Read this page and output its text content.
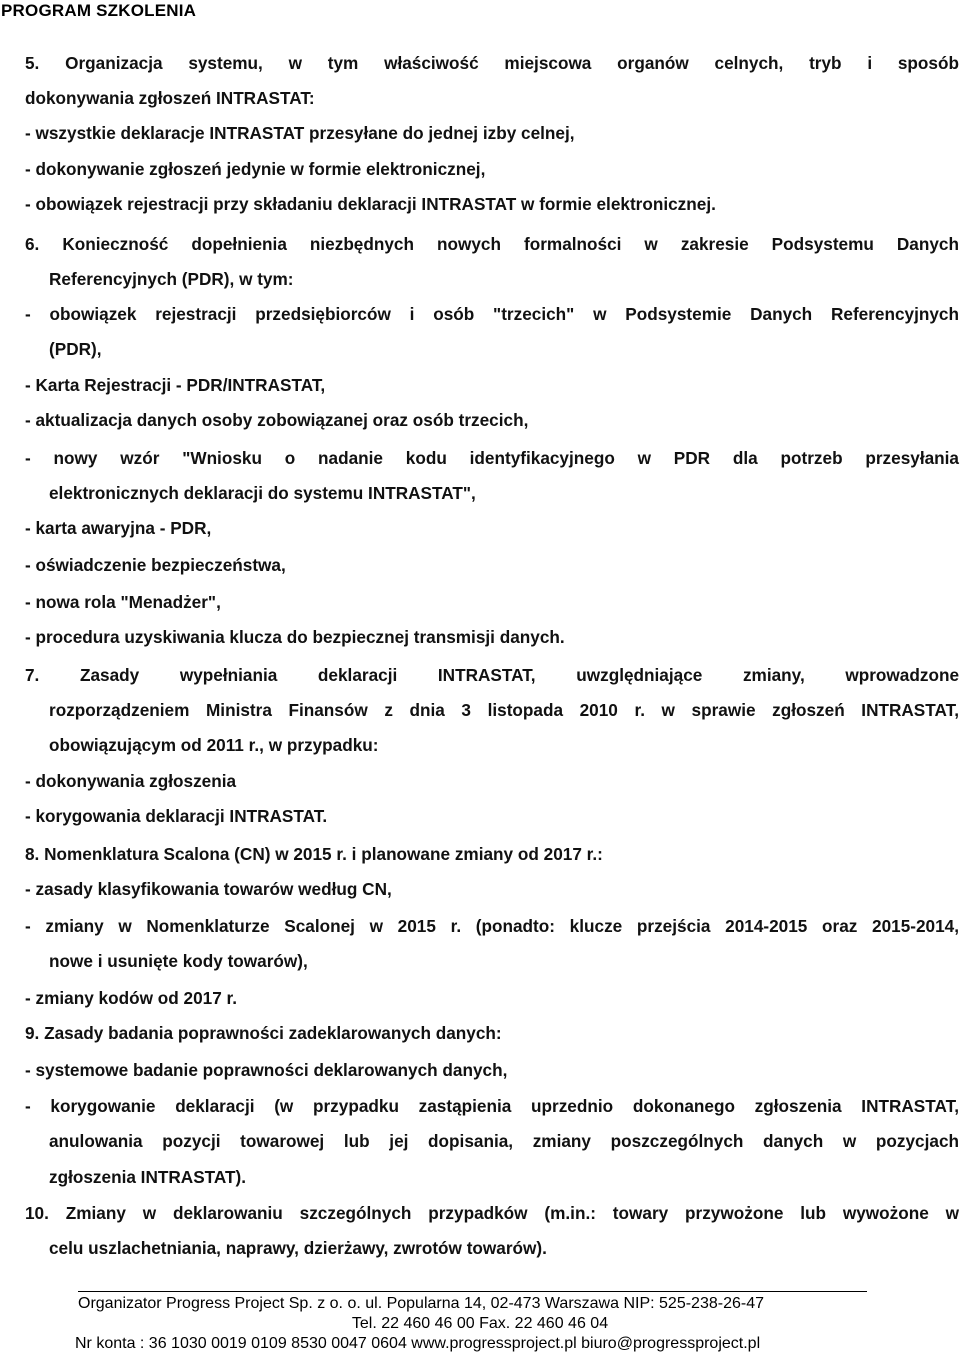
PROGRAM SZKOLENIA
5. Organizacja systemu, w tym właściwość miejscowa organów celnych, tryb i sposób
dokonywania zgłoszeń INTRASTAT:
- wszystkie deklaracje INTRASTAT przesyłane do jednej izby celnej,
- dokonywanie zgłoszeń jedynie w formie elektronicznej,
- obowiązek rejestracji przy składaniu deklaracji INTRASTAT w formie elektronicznej.
6. Konieczność dopełnienia niezbędnych nowych formalności w zakresie Podsystemu Danych
Referencyjnych (PDR), w tym:
- obowiązek rejestracji przedsiębiorców i osób "trzecich" w Podsystemie Danych Referencyjnych
(PDR),
- Karta Rejestracji - PDR/INTRASTAT,
- aktualizacja danych osoby zobowiązanej oraz osób trzecich,
- nowy wzór "Wniosku o nadanie kodu identyfikacyjnego w PDR dla potrzeb przesyłania
elektronicznych deklaracji do systemu INTRASTAT",
- karta awaryjna - PDR,
- oświadczenie bezpieczeństwa,
- nowa rola "Menadżer",
- procedura uzyskiwania klucza do bezpiecznej transmisji danych.
7. Zasady wypełniania deklaracji INTRASTAT, uwzględniające zmiany, wprowadzone
rozporządzeniem Ministra Finansów z dnia 3 listopada 2010 r. w sprawie zgłoszeń INTRASTAT,
obowiązującym od 2011 r., w przypadku:
- dokonywania zgłoszenia
- korygowania deklaracji INTRASTAT.
8. Nomenklatura Scalona (CN) w 2015 r. i planowane zmiany od 2017 r.:
- zasady klasyfikowania towarów według CN,
- zmiany w Nomenklaturze Scalonej w 2015 r. (ponadto: klucze przejścia 2014-2015 oraz 2015-2014,
nowe i usunięte kody towarów),
- zmiany kodów od 2017 r.
9. Zasady badania poprawności zadeklarowanych danych:
- systemowe badanie poprawności deklarowanych danych,
- korygowanie deklaracji (w przypadku zastąpienia uprzednio dokonanego zgłoszenia INTRASTAT,
anulowania pozycji towarowej lub jej dopisania, zmiany poszczególnych danych w pozycjach
zgłoszenia INTRASTAT).
10. Zmiany w deklarowaniu szczególnych przypadków (m.in.: towary przywożone lub wywożone w
celu uszlachetniania, naprawy, dzierżawy, zwrotów towarów).
Organizator Progress Project Sp. z o. o. ul. Popularna 14, 02-473 Warszawa NIP: 525-238-26-47
Tel. 22 460 46 00 Fax. 22 460 46 04
Nr konta : 36 1030 0019 0109 8530 0047 0604 www.progressproject.pl biuro@progressproject.pl
